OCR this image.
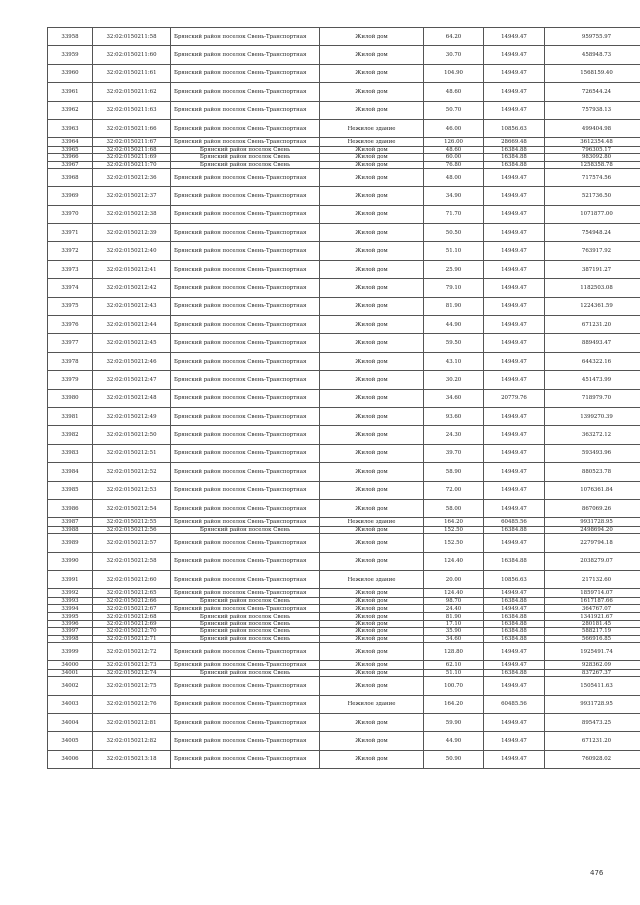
33958	32:02:0150211:58	Брянский район поселок Свень-Транспортная	Жилой дом	64.20	14949.47	959755.97
33959	32:02:0150211:60	Брянский район поселок Свень-Транспортная	Жилой дом	30.70	14949.47	458948.73
33960	32:02:0150211:61	Брянский район поселок Свень-Транспортная	Жилой дом	104.90	14949.47	1568159.40
33961	32:02:0150211:62	Брянский район поселок Свень-Транспортная	Жилой дом	48.60	14949.47	726544.24
33962	32:02:0150211:63	Брянский район поселок Свень-Транспортная	Жилой дом	50.70	14949.47	757938.13
33963	32:02:0150211:66	Брянский район поселок Свень-Транспортная	Нежилое здание	46.00	10856.63	499404.98
33964	32:02:0150211:67	Брянский район поселок Свень-Транспортная	Нежилое здание	126.00	28669.48	3612354.48
33965	32:02:0150211:68	Брянский район поселок Свень	Жилой дом	48.60	16384.88	796305.17
33966	32:02:0150211:69	Брянский район поселок Свень	Жилой дом	60.00	16384.88	983092.80
33967	32:02:0150211:70	Брянский район поселок Свень	Жилой дом	76.80	16384.88	1258358.78
33968	32:02:0150212:36	Брянский район поселок Свень-Транспортная	Жилой дом	48.00	14949.47	717574.56
33969	32:02:0150212:37	Брянский район поселок Свень-Транспортная	Жилой дом	34.90	14949.47	521736.50
33970	32:02:0150212:38	Брянский район поселок Свень-Транспортная	Жилой дом	71.70	14949.47	1071877.00
33971	32:02:0150212:39	Брянский район поселок Свень-Транспортная	Жилой дом	50.50	14949.47	754948.24
33972	32:02:0150212:40	Брянский район поселок Свень-Транспортная	Жилой дом	51.10	14949.47	763917.92
33973	32:02:0150212:41	Брянский район поселок Свень-Транспортная	Жилой дом	25.90	14949.47	387191.27
33974	32:02:0150212:42	Брянский район поселок Свень-Транспортная	Жилой дом	79.10	14949.47	1182503.08
33975	32:02:0150212:43	Брянский район поселок Свень-Транспортная	Жилой дом	81.90	14949.47	1224361.59
33976	32:02:0150212:44	Брянский район поселок Свень-Транспортная	Жилой дом	44.90	14949.47	671231.20
33977	32:02:0150212:45	Брянский район поселок Свень-Транспортная	Жилой дом	59.50	14949.47	889493.47
33978	32:02:0150212:46	Брянский район поселок Свень-Транспортная	Жилой дом	43.10	14949.47	644322.16
33979	32:02:0150212:47	Брянский район поселок Свень-Транспортная	Жилой дом	30.20	14949.47	451473.99
33980	32:02:0150212:48	Брянский район поселок Свень-Транспортная	Жилой дом	34.60	20779.76	718979.70
33981	32:02:0150212:49	Брянский район поселок Свень-Транспортная	Жилой дом	93.60	14949.47	1399270.39
33982	32:02:0150212:50	Брянский район поселок Свень-Транспортная	Жилой дом	24.30	14949.47	363272.12
33983	32:02:0150212:51	Брянский район поселок Свень-Транспортная	Жилой дом	39.70	14949.47	593493.96
33984	32:02:0150212:52	Брянский район поселок Свень-Транспортная	Жилой дом	58.90	14949.47	880523.78
33985	32:02:0150212:53	Брянский район поселок Свень-Транспортная	Жилой дом	72.00	14949.47	1076361.84
33986	32:02:0150212:54	Брянский район поселок Свень-Транспортная	Жилой дом	58.00	14949.47	867069.26
33987	32:02:0150212:55	Брянский район поселок Свень-Транспортная	Нежилое здание	164.20	60485.56	9931728.95
33988	32:02:0150212:56	Брянский район поселок Свень	Жилой дом	152.50	16384.88	2498694.20
33989	32:02:0150212:57	Брянский район поселок Свень-Транспортная	Жилой дом	152.50	14949.47	2279794.18
33990	32:02:0150212:58	Брянский район поселок Свень-Транспортная	Жилой дом	124.40	16384.88	2038279.07
33991	32:02:0150212:60	Брянский район поселок Свень-Транспортная	Нежилое здание	20.00	10856.63	217132.60
33992	32:02:0150212:65	Брянский район поселок Свень-Транспортная	Жилой дом	124.40	14949.47	1859714.07
33993	32:02:0150212:66	Брянский район поселок Свень	Жилой дом	98.70	16384.88	1617187.66
33994	32:02:0150212:67	Брянский район поселок Свень-Транспортная	Жилой дом	24.40	14949.47	364767.07
33995	32:02:0150212:68	Брянский район поселок Свень	Жилой дом	81.90	16384.88	1341921.67
33996	32:02:0150212:69	Брянский район поселок Свень	Жилой дом	17.10	16384.88	280181.45
33997	32:02:0150212:70	Брянский район поселок Свень	Жилой дом	35.90	16384.88	588217.19
33998	32:02:0150212:71	Брянский район поселок Свень	Жилой дом	34.60	16384.88	566916.85
33999	32:02:0150212:72	Брянский район поселок Свень-Транспортная	Жилой дом	128.80	14949.47	1925491.74
34000	32:02:0150212:73	Брянский район поселок Свень-Транспортная	Жилой дом	62.10	14949.47	928362.09
34001	32:02:0150212:74	Брянский район поселок Свень	Жилой дом	51.10	16384.88	837267.37
34002	32:02:0150212:75	Брянский район поселок Свень-Транспортная	Жилой дом	100.70	14949.47	1505411.63
34003	32:02:0150212:76	Брянский район поселок Свень-Транспортная	Нежилое здание	164.20	60485.56	9931728.95
34004	32:02:0150212:81	Брянский район поселок Свень-Транспортная	Жилой дом	59.90	14949.47	895473.25
34005	32:02:0150212:82	Брянский район поселок Свень-Транспортная	Жилой дом	44.90	14949.47	671231.20
34006	32:02:0150213:18	Брянский район поселок Свень-Транспортная	Жилой дом	50.90	14949.47	760928.02
476
